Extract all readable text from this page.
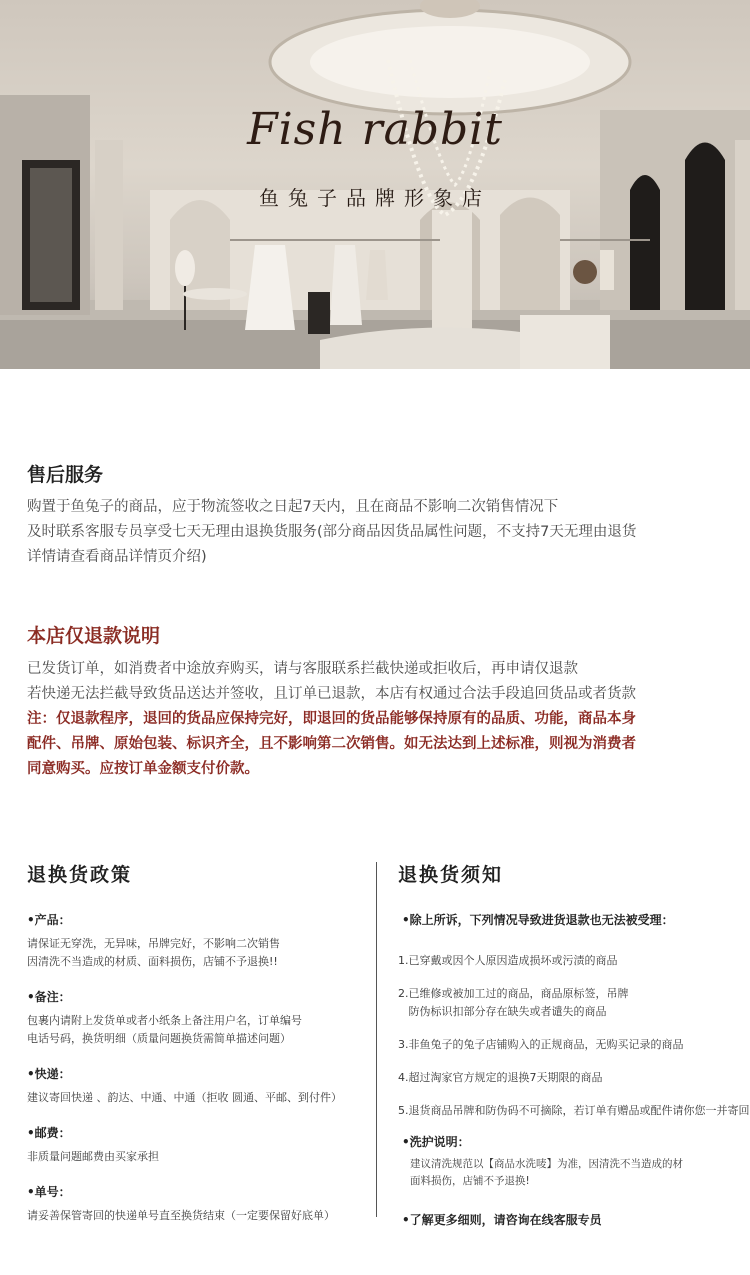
Fish rabbit
鱼兔子品牌形象店
售后服务

购置于鱼兔子的商品，应于物流签收之日起7天内，且在商品不影响二次销售情况下

及时联系客服专员享受七天无理由退换货服务(部分商品因货品属性问题，不支持7天无理由退货

详情请查看商品详情页介绍)

本店仅退款说明

已发货订单，如消费者中途放弃购买，请与客服联系拦截快递或拒收后，再申请仅退款

若快递无法拦截导致货品送达并签收，且订单已退款，本店有权通过合法手段追回货品或者货款

注：仅退款程序，退回的货品应保持完好，即退回的货品能够保持原有的品质、功能，商品本身

配件、吊牌、原始包装、标识齐全，且不影响第二次销售。如无法达到上述标准，则视为消费者

同意购买。应按订单金额支付价款。

退换货政策
•产品：
请保证无穿洗，无异味，吊牌完好，不影响二次销售
因清洗不当造成的材质、面料损伤，店铺不予退换!!
•备注：
包裹内请附上发货单或者小纸条上备注用户名，订单编号
电话号码，换货明细（质量问题换货需简单描述问题）
•快递：
建议寄回快递 、韵达、中通、中通（拒收 圆通、平邮、到付件）
•邮费：
非质量问题邮费由买家承担
•单号：
请妥善保管寄回的快递单号直至换货结束（一定要保留好底单）
退换货须知
•除上所诉，下列情况导致进货退款也无法被受理：
1.已穿戴或因个人原因造成损坏或污渍的商品
2.已维修或被加工过的商品，商品原标签，吊牌
防伪标识扣部分存在缺失或者谴失的商品
3.非鱼兔子的兔子店铺购入的正规商品，无购买记录的商品
4.超过淘家官方规定的退换7天期限的商品
5.退货商品吊牌和防伪码不可摘除，若订单有赠品或配件请你您一并寄回
•洗护说明：
建议清洗规范以【商品水洗唛】为准，因清洗不当造成的材
面料损伤，店铺不予退换!
•了解更多细则，请咨询在线客服专员
